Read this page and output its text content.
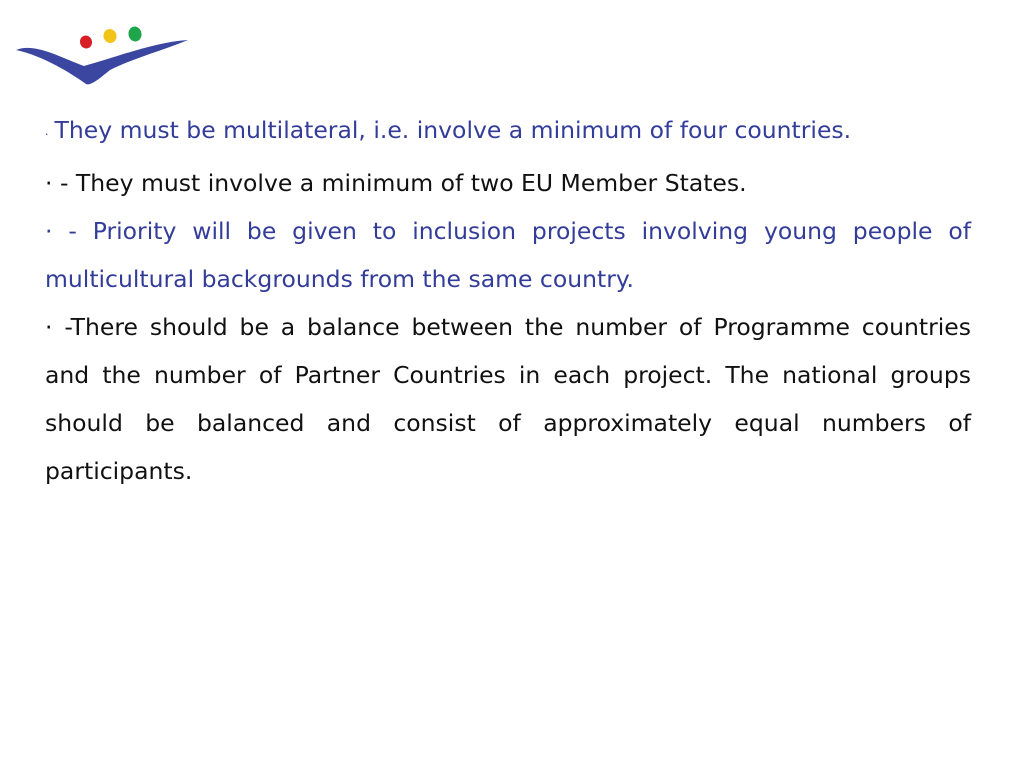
· They must be multilateral, i.e. involve a minimum of four countries.

· - They must involve a minimum of two EU Member States.

· - Priority will be given to inclusion projects involving young people of multicultural backgrounds from the same country.

· -There should be a balance between the number of Programme countries and the number of Partner Countries in each project. The national groups should be balanced and consist of approximately equal numbers of participants.
